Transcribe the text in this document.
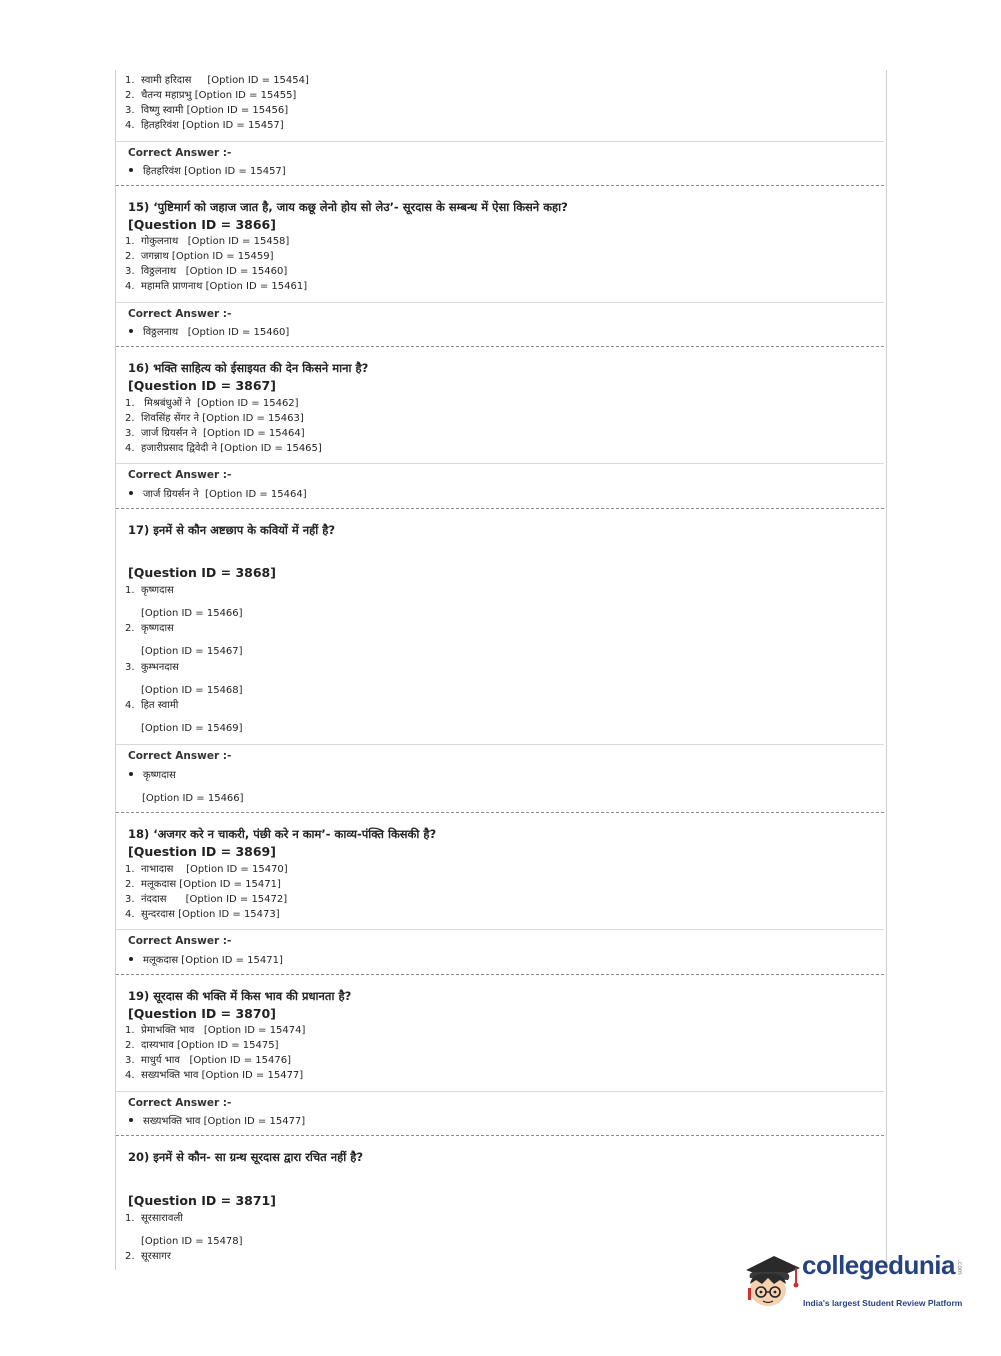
1. स्वामी हरिदास [Option ID = 15454]
2. चैतन्य महाप्रभु [Option ID = 15455]
3. विष्णु स्वामी [Option ID = 15456]
4. हितहरिवंश [Option ID = 15457]
Correct Answer :-
हितहरिवंश [Option ID = 15457]
15) ‘पुष्टिमार्ग को जहाज जात है, जाय कछू लेनो होय सो लेउ’- सूरदास के सम्बन्ध में ऐसा किसने कहा?
[Question ID = 3866]
1. गोकुलनाथ [Option ID = 15458]
2. जगन्नाथ [Option ID = 15459]
3. विठ्ठलनाथ [Option ID = 15460]
4. महामति प्राणनाथ [Option ID = 15461]
Correct Answer :-
विठ्ठलनाथ [Option ID = 15460]
16) भक्ति साहित्य को ईसाइयत की देन किसने माना है?
[Question ID = 3867]
1. मिश्रबंधुओं ने [Option ID = 15462]
2. शिवसिंह सेंगर ने [Option ID = 15463]
3. जार्ज ग्रियर्सन ने [Option ID = 15464]
4. हजारीप्रसाद द्विवेदी ने [Option ID = 15465]
Correct Answer :-
जार्ज ग्रियर्सन ने [Option ID = 15464]
17) इनमें से कौन अष्टछाप के कवियों में नहीं है?
[Question ID = 3868]
1. कृष्णदास
[Option ID = 15466]
2. कृष्णदास
[Option ID = 15467]
3. कुम्भनदास
[Option ID = 15468]
4. हित स्वामी
[Option ID = 15469]
Correct Answer :-
कृष्णदास
[Option ID = 15466]
18) ‘अजगर करे न चाकरी, पंछी करे न काम’- काव्य-पंक्ति किसकी है?
[Question ID = 3869]
1. नाभादास [Option ID = 15470]
2. मलूकदास [Option ID = 15471]
3. नंददास [Option ID = 15472]
4. सुन्दरदास [Option ID = 15473]
Correct Answer :-
मलूकदास [Option ID = 15471]
19) सूरदास की भक्ति में किस भाव की प्रधानता है?
[Question ID = 3870]
1. प्रेमाभक्ति भाव [Option ID = 15474]
2. दास्यभाव [Option ID = 15475]
3. माधुर्य भाव [Option ID = 15476]
4. सख्यभक्ति भाव [Option ID = 15477]
Correct Answer :-
सख्यभक्ति भाव [Option ID = 15477]
20) इनमें से कौन- सा ग्रन्थ सूरदास द्वारा रचित नहीं है?
[Question ID = 3871]
1. सूरसारावली
[Option ID = 15478]
2. सूरसागर	collegedunia .com
India's largest Student Review Platform
